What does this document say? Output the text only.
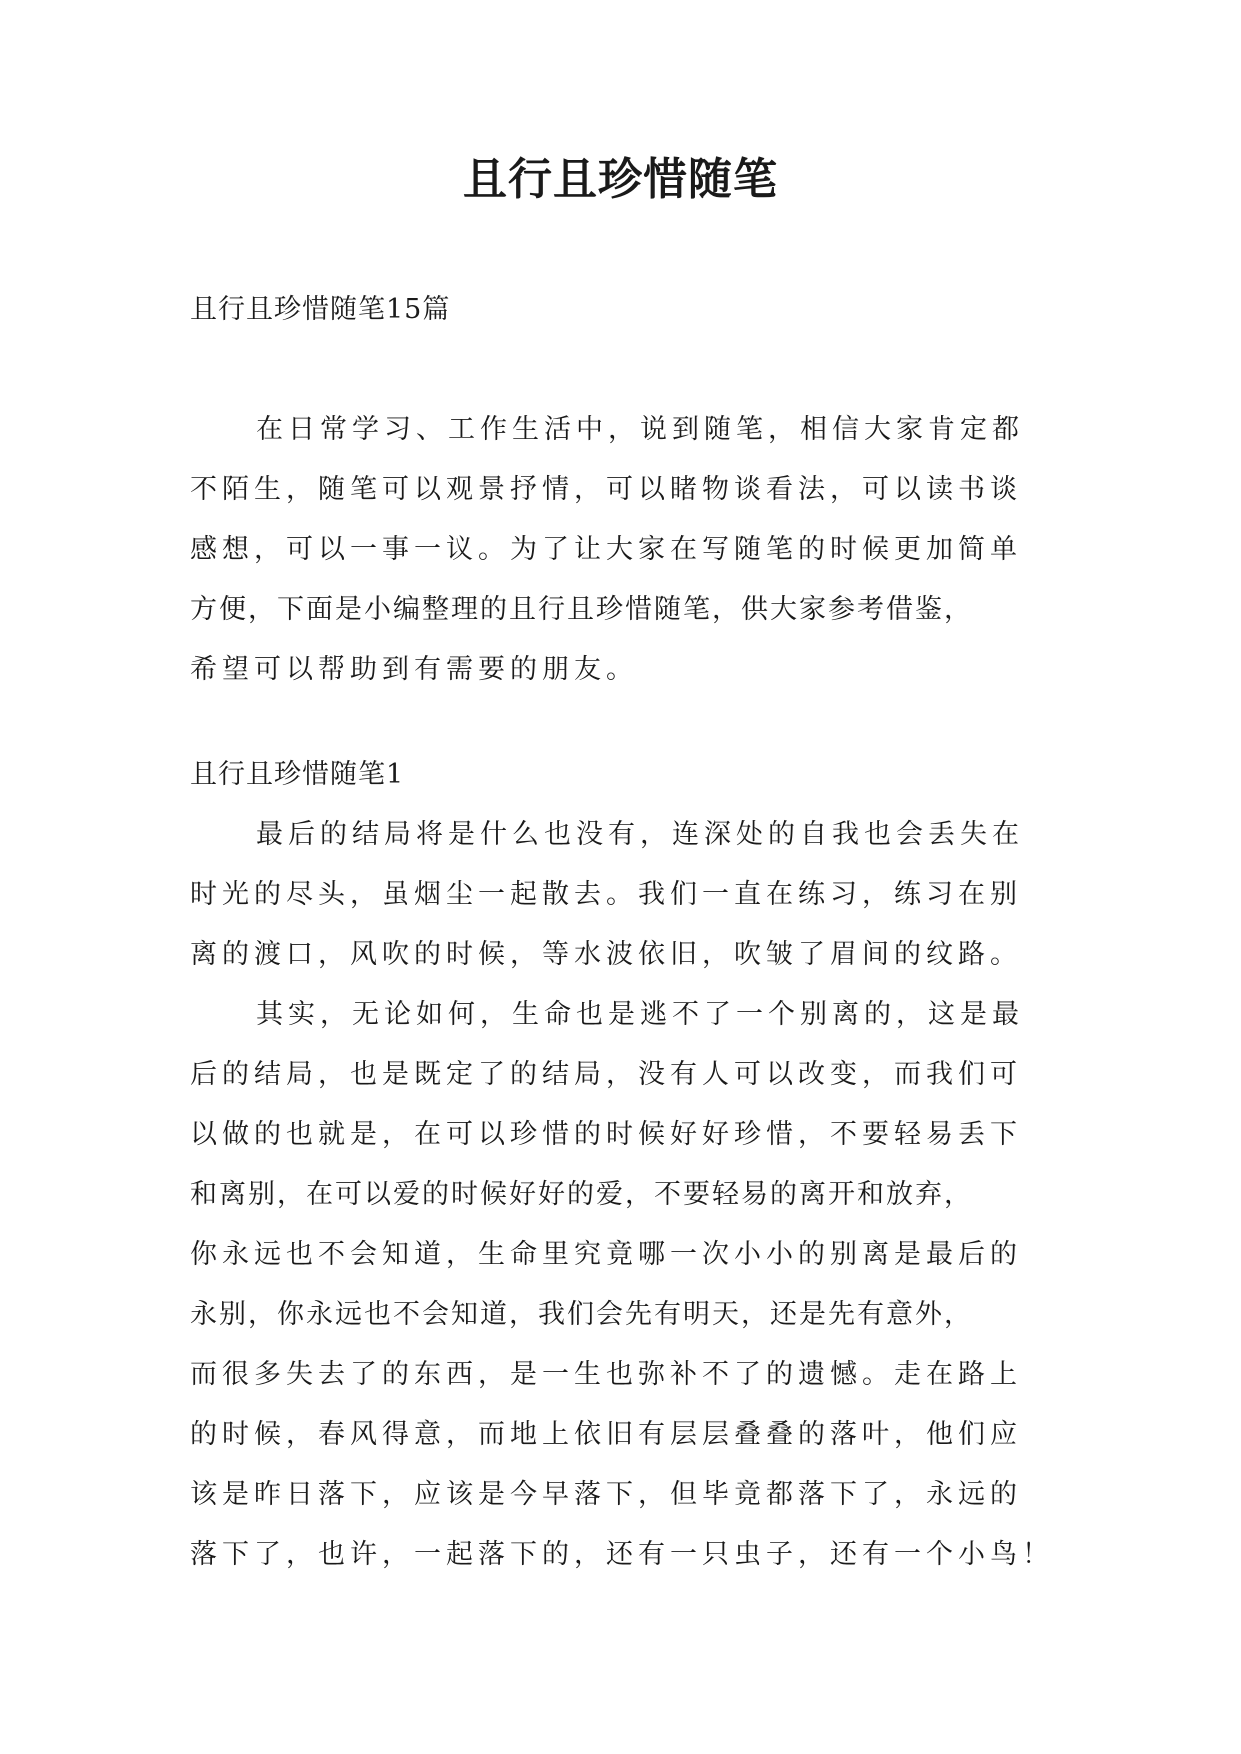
且行且珍惜随笔
且行且珍惜随笔15篇
在日常学习、工作生活中，说到随笔，相信大家肯定都
不陌生，随笔可以观景抒情，可以睹物谈看法，可以读书谈
感想，可以一事一议。为了让大家在写随笔的时候更加简单
方便，下面是小编整理的且行且珍惜随笔，供大家参考借鉴，
希望可以帮助到有需要的朋友。
且行且珍惜随笔1
最后的结局将是什么也没有，连深处的自我也会丢失在
时光的尽头，虽烟尘一起散去。我们一直在练习，练习在别
离的渡口，风吹的时候，等水波依旧，吹皱了眉间的纹路。
其实，无论如何，生命也是逃不了一个别离的，这是最
后的结局，也是既定了的结局，没有人可以改变，而我们可
以做的也就是，在可以珍惜的时候好好珍惜，不要轻易丢下
和离别，在可以爱的时候好好的爱，不要轻易的离开和放弃，
你永远也不会知道，生命里究竟哪一次小小的别离是最后的
永别，你永远也不会知道，我们会先有明天，还是先有意外，
而很多失去了的东西，是一生也弥补不了的遗憾。走在路上
的时候，春风得意，而地上依旧有层层叠叠的落叶，他们应
该是昨日落下，应该是今早落下，但毕竟都落下了，永远的
落下了，也许，一起落下的，还有一只虫子，还有一个小鸟！
